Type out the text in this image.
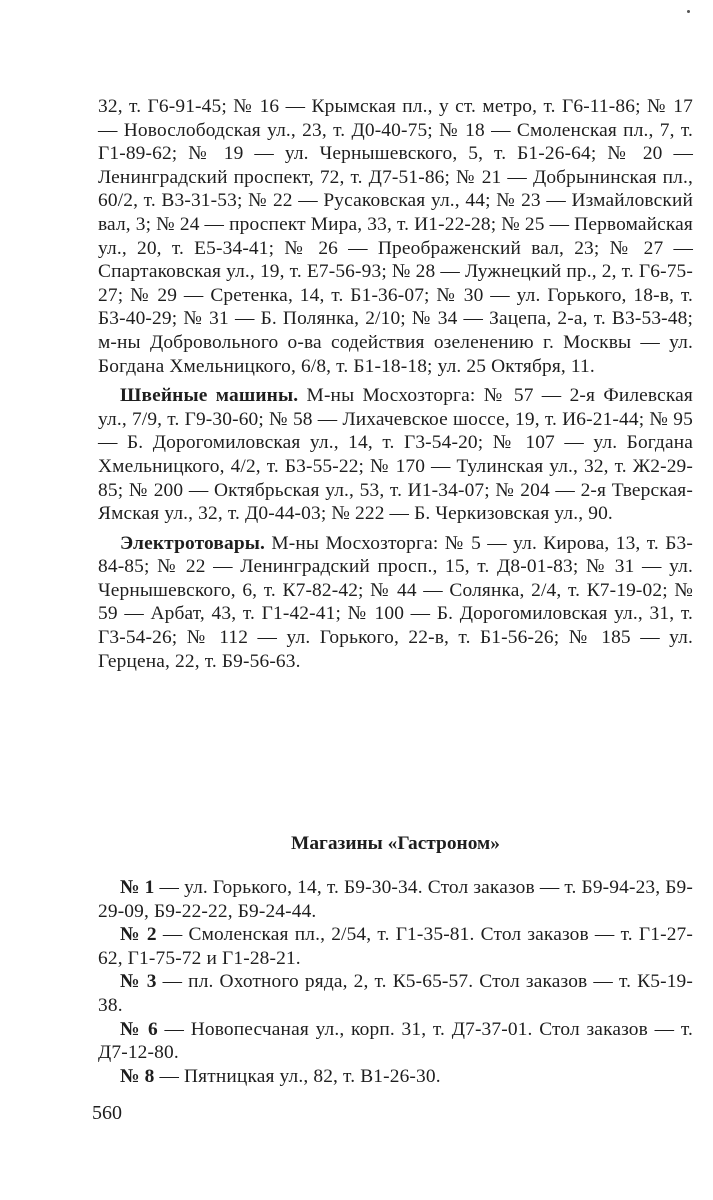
32, т. Г6-91-45; № 16 — Крымская пл., у ст. метро, т. Г6-11-86; № 17 — Новослободская ул., 23, т. Д0-40-75; № 18 — Смоленская пл., 7, т. Г1-89-62; № 19 — ул. Чернышевского, 5, т. Б1-26-64; № 20 — Ленинградский проспект, 72, т. Д7-51-86; № 21 — Добрынинская пл., 60/2, т. В3-31-53; № 22 — Русаковская ул., 44; № 23 — Измайловский вал, 3; № 24 — проспект Мира, 33, т. И1-22-28; № 25 — Первомайская ул., 20, т. Е5-34-41; № 26 — Преображенский вал, 23; № 27 — Спартаковская ул., 19, т. Е7-56-93; № 28 — Лужнецкий пр., 2, т. Г6-75-27; № 29 — Сретенка, 14, т. Б1-36-07; № 30 — ул. Горького, 18-в, т. Б3-40-29; № 31 — Б. Полянка, 2/10; № 34 — Зацепа, 2-а, т. В3-53-48; м-ны Добровольного о-ва содействия озеленению г. Москвы — ул. Богдана Хмельницкого, 6/8, т. Б1-18-18; ул. 25 Октября, 11.

Швейные машины. М-ны Мосхозторга: № 57 — 2-я Филевская ул., 7/9, т. Г9-30-60; № 58 — Лихачевское шоссе, 19, т. И6-21-44; № 95 — Б. Дорогомиловская ул., 14, т. Г3-54-20; № 107 — ул. Богдана Хмельницкого, 4/2, т. Б3-55-22; № 170 — Тулинская ул., 32, т. Ж2-29-85; № 200 — Октябрьская ул., 53, т. И1-34-07; № 204 — 2-я Тверская-Ямская ул., 32, т. Д0-44-03; № 222 — Б. Черкизовская ул., 90.

Электротовары. М-ны Мосхозторга: № 5 — ул. Кирова, 13, т. Б3-84-85; № 22 — Ленинградский просп., 15, т. Д8-01-83; № 31 — ул. Чернышевского, 6, т. К7-82-42; № 44 — Солянка, 2/4, т. К7-19-02; № 59 — Арбат, 43, т. Г1-42-41; № 100 — Б. Дорогомиловская ул., 31, т. Г3-54-26; № 112 — ул. Горького, 22-в, т. Б1-56-26; № 185 — ул. Герцена, 22, т. Б9-56-63.

Магазины «Гастроном»

№ 1 — ул. Горького, 14, т. Б9-30-34. Стол заказов — т. Б9-94-23, Б9-29-09, Б9-22-22, Б9-24-44.

№ 2 — Смоленская пл., 2/54, т. Г1-35-81. Стол заказов — т. Г1-27-62, Г1-75-72 и Г1-28-21.

№ 3 — пл. Охотного ряда, 2, т. К5-65-57. Стол заказов — т. К5-19-38.

№ 6 — Новопесчаная ул., корп. 31, т. Д7-37-01. Стол заказов — т. Д7-12-80.

№ 8 — Пятницкая ул., 82, т. В1-26-30.

560
